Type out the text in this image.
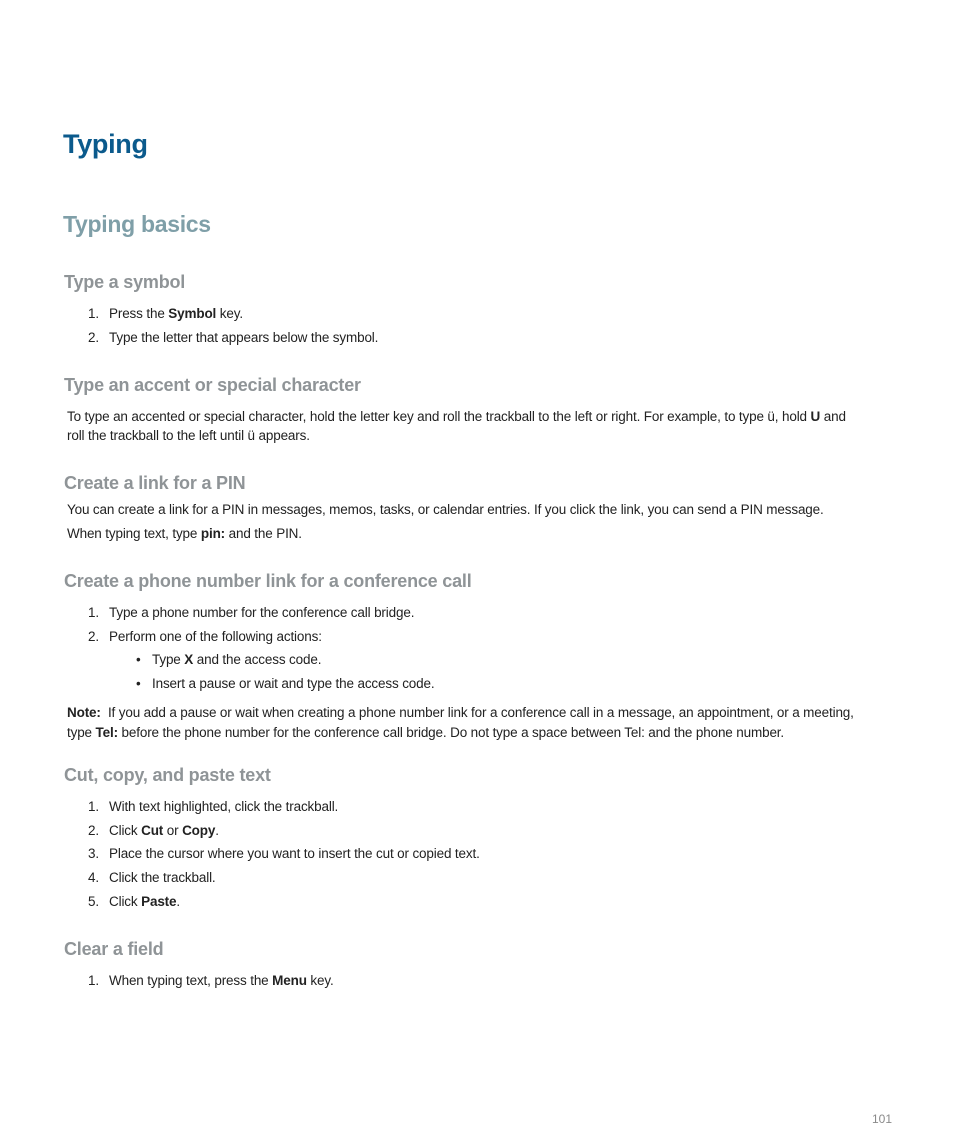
Typing
Typing basics
Type a symbol
1. Press the Symbol key.
2. Type the letter that appears below the symbol.
Type an accent or special character
To type an accented or special character, hold the letter key and roll the trackball to the left or right. For example, to type ü, hold U and
roll the trackball to the left until ü appears.
Create a link for a PIN
You can create a link for a PIN in messages, memos, tasks, or calendar entries. If you click the link, you can send a PIN message.
When typing text, type pin: and the PIN.
Create a phone number link for a conference call
1. Type a phone number for the conference call bridge.
2. Perform one of the following actions:
• Type X and the access code.
• Insert a pause or wait and type the access code.
Note:  If you add a pause or wait when creating a phone number link for a conference call in a message, an appointment, or a meeting,
type Tel: before the phone number for the conference call bridge. Do not type a space between Tel: and the phone number.
Cut, copy, and paste text
1. With text highlighted, click the trackball.
2. Click Cut or Copy.
3. Place the cursor where you want to insert the cut or copied text.
4. Click the trackball.
5. Click Paste.
Clear a field
1. When typing text, press the Menu key.
101
